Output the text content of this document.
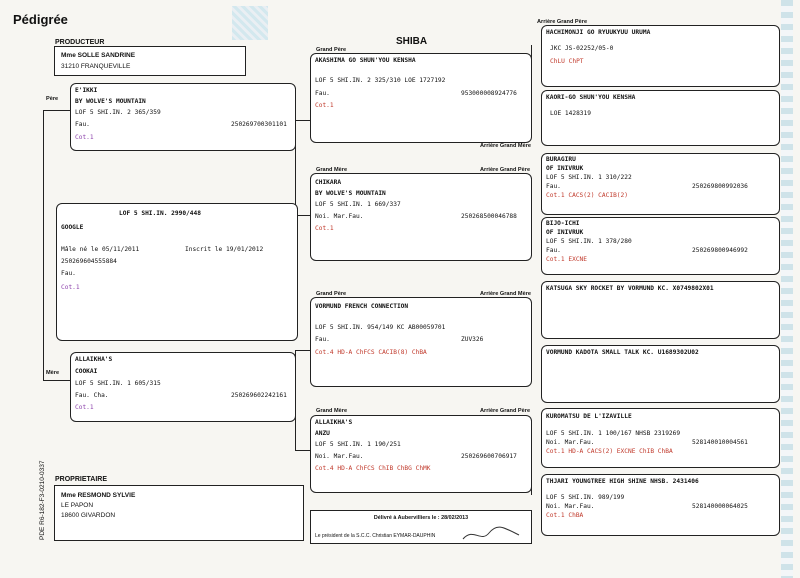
Pédigrée
SHIBA
PRODUCTEUR
Mme SOLLE SANDRINE
31210 FRANQUEVILLE
Père
Mère
Grand Père
Grand Mère
Grand Père
Grand Mère
Arrière Grand Père
Arrière Grand Mère
Arrière Grand Père
Arrière Grand Mère
Arrière Grand Père
E'IKKI
BY WOLVE'S MOUNTAIN
LOF 5 SHI.IN. 2 365/359
Fau.	250269700301101
Cot.1
LOF 5 SHI.IN. 2990/448
GOOGLE
Mâle né le 05/11/2011	Inscrit le 19/01/2012
250269604555884
Fau.
Cot.1
ALLAIKHA'S
COOKAI
LOF 5 SHI.IN. 1 605/315
Fau. Cha.	250269602242161
Cot.1
AKASHIMA GO SHUN'YOU KENSHA
LOF 5 SHI.IN. 2 325/310 LOE 1727192
Fau.	953000008924776
Cot.1
CHIKARA
BY WOLVE'S MOUNTAIN
LOF 5 SHI.IN. 1 669/337
Noi. Mar.Fau.	250268500046788
Cot.1
VORMUND FRENCH CONNECTION
LOF 5 SHI.IN. 954/149 KC AB00059701
Fau.	ZUV326
Cot.4 HD-A ChFCS CACIB(8) ChBA
ALLAIKHA'S
ANZU
LOF 5 SHI.IN. 1 190/251
Noi. Mar.Fau.	250269600706917
Cot.4 HD-A ChFCS ChIB ChBG ChMK
HACHIMONJI GO RYUUKYUU URUMA
JKC JS-02252/05-0
ChLU ChPT
KAORI-GO SHUN'YOU KENSHA
LOE 1428319
BURAGIRU
OF INIVRUK
LOF 5 SHI.IN. 1 310/222
Fau.	250269800992036
Cot.1 CACS(2) CACIB(2)
BIJO-ICHI
OF INIVRUK
LOF 5 SHI.IN. 1 378/280
Fau.	250269800946992
Cot.1 EXCNE
KATSUGA SKY ROCKET BY VORMUND KC. X0749802X01
VORMUND KADOTA SMALL TALK KC. U1689302U02
KUROMATSU DE L'IZAVILLE
LOF 5 SHI.IN. 1 100/167 NHSB 2319269
Noi. Mar.Fau.	528140010004561
Cot.1 HD-A CACS(2) EXCNE ChIB ChBA
THJARI YOUNGTREE HIGH SHINE NHSB. 2431406
LOF 5 SHI.IN. 989/199
Noi. Mar.Fau.	528140000064025
Cot.1 ChBA
PROPRIETAIRE
Mme RESMOND SYLVIE
LE PAPON
18600 GIVARDON	Délivré à Aubervilliers le : 28/02/2013
Le président de la S.C.C. Christian EYMAR-DAUPHIN
PDE R6-182-F3-0210-0337
